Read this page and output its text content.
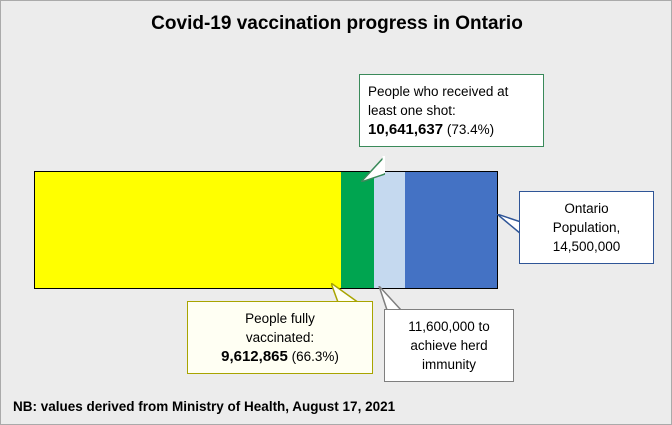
Covid-19 vaccination progress in Ontario
People who received at
least one shot:
10,641,637 (73.4%)
People fully
vaccinated:
9,612,865 (66.3%)
11,600,000 to
achieve herd
immunity
Ontario
Population,
14,500,000
NB: values derived from Ministry of Health, August 17, 2021
